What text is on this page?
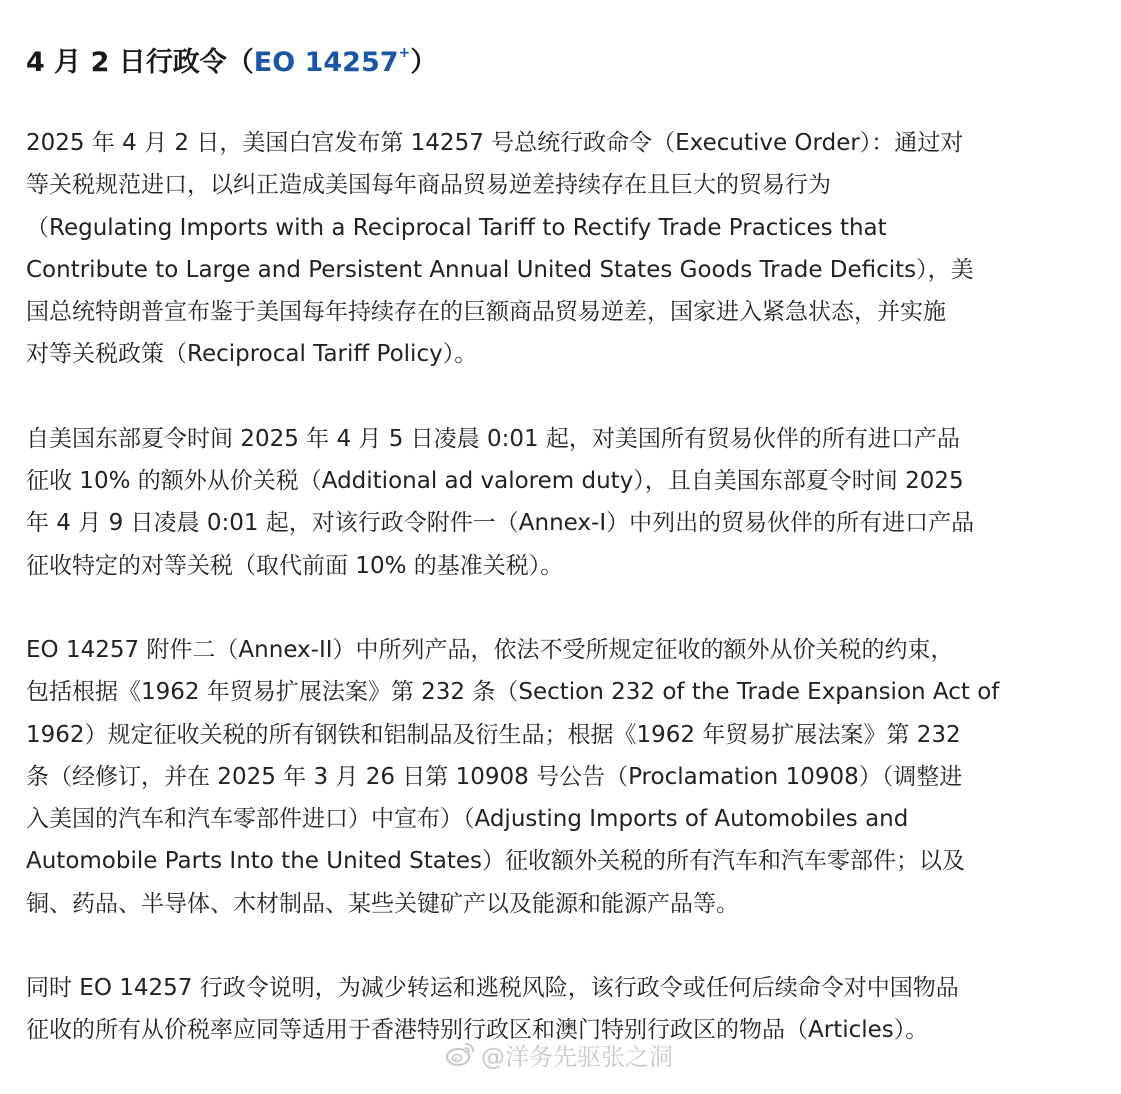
4 月 2 日行政令（EO 14257+）
2025 年 4 月 2 日，美国白宫发布第 14257 号总统行政命令（Executive Order）：通过对
等关税规范进口，以纠正造成美国每年商品贸易逆差持续存在且巨大的贸易行为
（Regulating Imports with a Reciprocal Tariff to Rectify Trade Practices that
Contribute to Large and Persistent Annual United States Goods Trade Deficits），美
国总统特朗普宣布鉴于美国每年持续存在的巨额商品贸易逆差，国家进入紧急状态，并实施
对等关税政策（Reciprocal Tariff Policy）。
自美国东部夏令时间 2025 年 4 月 5 日凌晨 0:01 起，对美国所有贸易伙伴的所有进口产品
征收 10% 的额外从价关税（Additional ad valorem duty），且自美国东部夏令时间 2025
年 4 月 9 日凌晨 0:01 起，对该行政令附件一（Annex-I）中列出的贸易伙伴的所有进口产品
征收特定的对等关税（取代前面 10% 的基准关税）。
EO 14257 附件二（Annex-II）中所列产品，依法不受所规定征收的额外从价关税的约束，
包括根据《1962 年贸易扩展法案》第 232 条（Section 232 of the Trade Expansion Act of
1962）规定征收关税的所有钢铁和铝制品及衍生品；根据《1962 年贸易扩展法案》第 232
条（经修订，并在 2025 年 3 月 26 日第 10908 号公告（Proclamation 10908）（调整进
入美国的汽车和汽车零部件进口）中宣布）（Adjusting Imports of Automobiles and
Automobile Parts Into the United States）征收额外关税的所有汽车和汽车零部件；以及
铜、药品、半导体、木材制品、某些关键矿产以及能源和能源产品等。
同时 EO 14257 行政令说明，为减少转运和逃税风险，该行政令或任何后续命令对中国物品
征收的所有从价税率应同等适用于香港特别行政区和澳门特别行政区的物品（Articles）。
@洋务先驱张之洞
